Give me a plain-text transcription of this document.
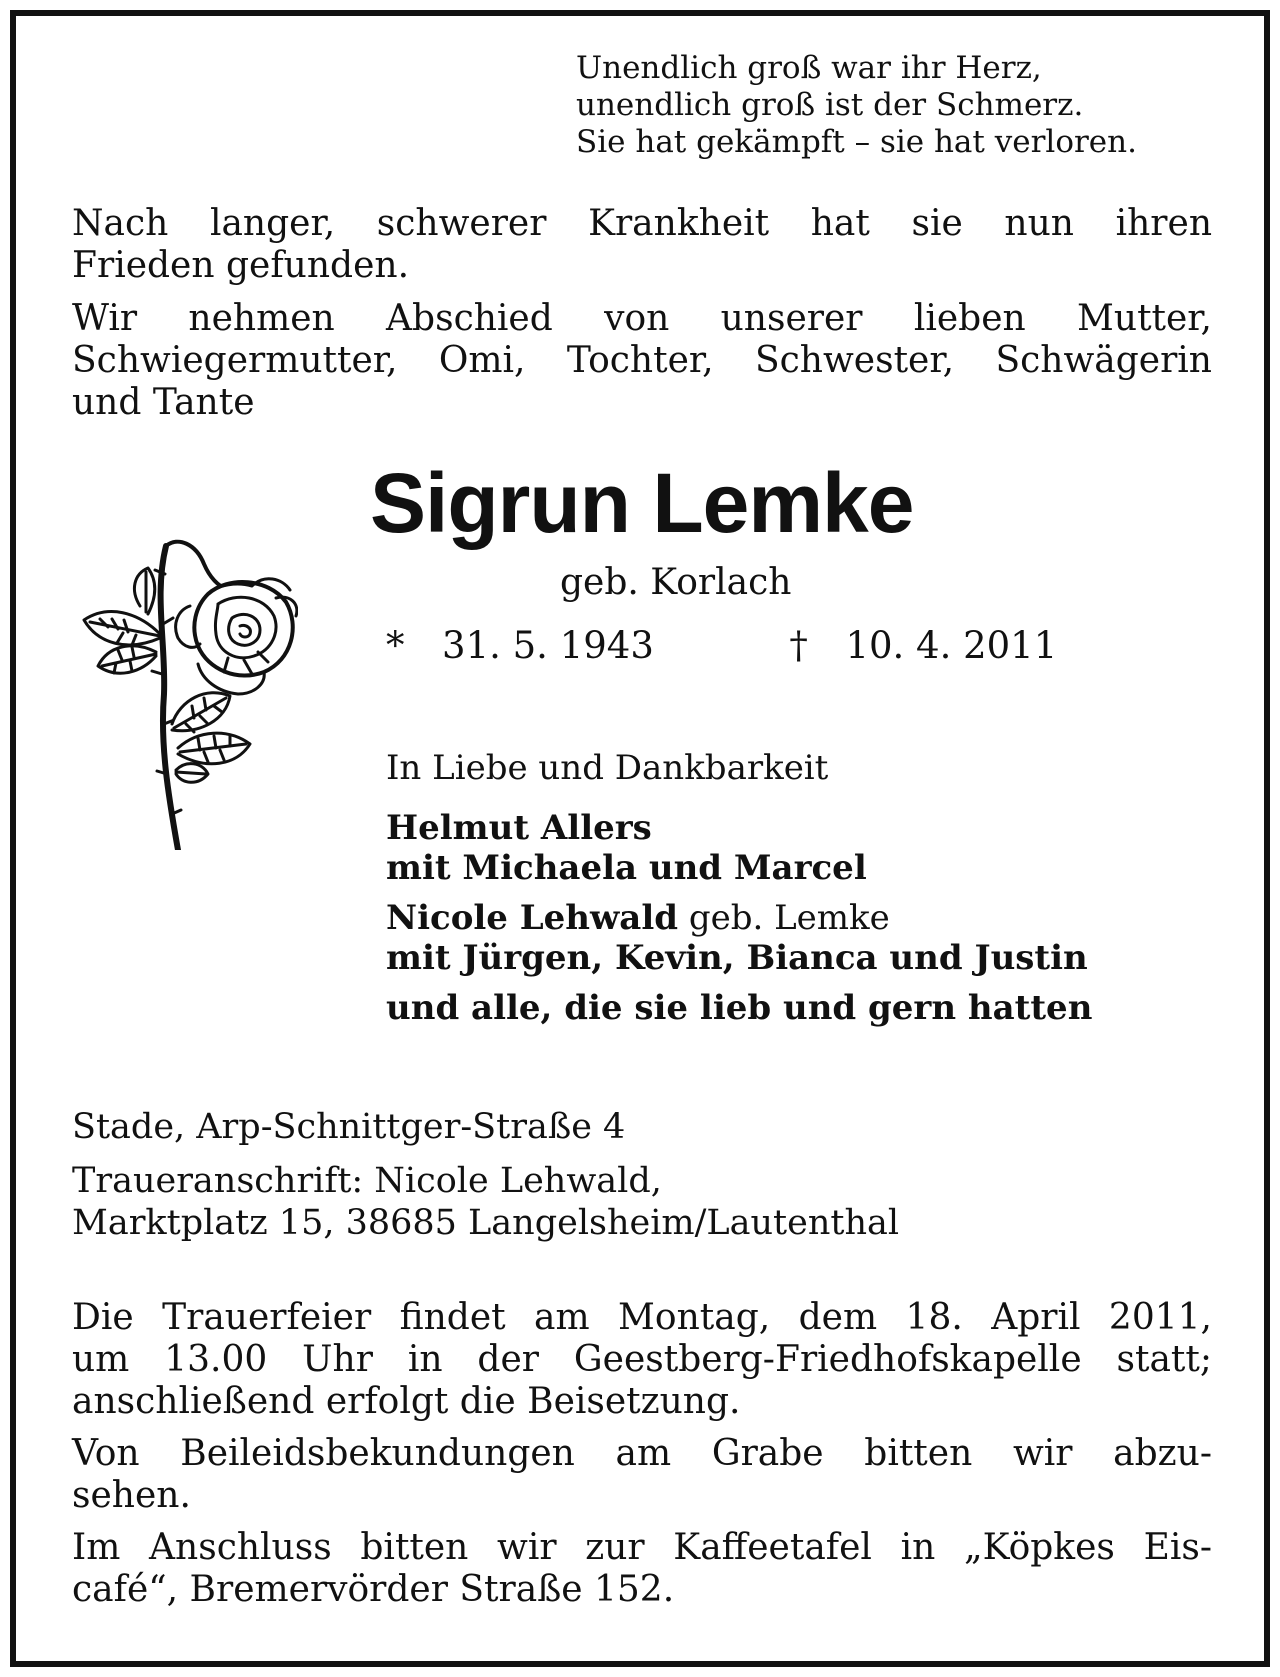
Unendlich groß war ihr Herz,
unendlich groß ist der Schmerz.
Sie hat gekämpft – sie hat verloren.
Nach langer, schwerer Krankheit hat sie nun ihren
Frieden gefunden.
Wir nehmen Abschied von unserer lieben Mutter,
Schwiegermutter, Omi, Tochter, Schwester, Schwägerin
und Tante
Sigrun Lemke
geb. Korlach
* 31. 5. 1943	† 10. 4. 2011
In Liebe und Dankbarkeit
Helmut Allers
mit Michaela und Marcel
Nicole Lehwald geb. Lemke
mit Jürgen, Kevin, Bianca und Justin
und alle, die sie lieb und gern hatten
Stade, Arp-Schnittger-Straße 4
Traueranschrift: Nicole Lehwald,
Marktplatz 15, 38685 Langelsheim/Lautenthal
Die Trauerfeier findet am Montag, dem 18. April 2011,
um 13.00 Uhr in der Geestberg-Friedhofskapelle statt;
anschließend erfolgt die Beisetzung.
Von Beileidsbekundungen am Grabe bitten wir abzu-
sehen.
Im Anschluss bitten wir zur Kaffeetafel in „Köpkes Eis-
café“, Bremervörder Straße 152.
